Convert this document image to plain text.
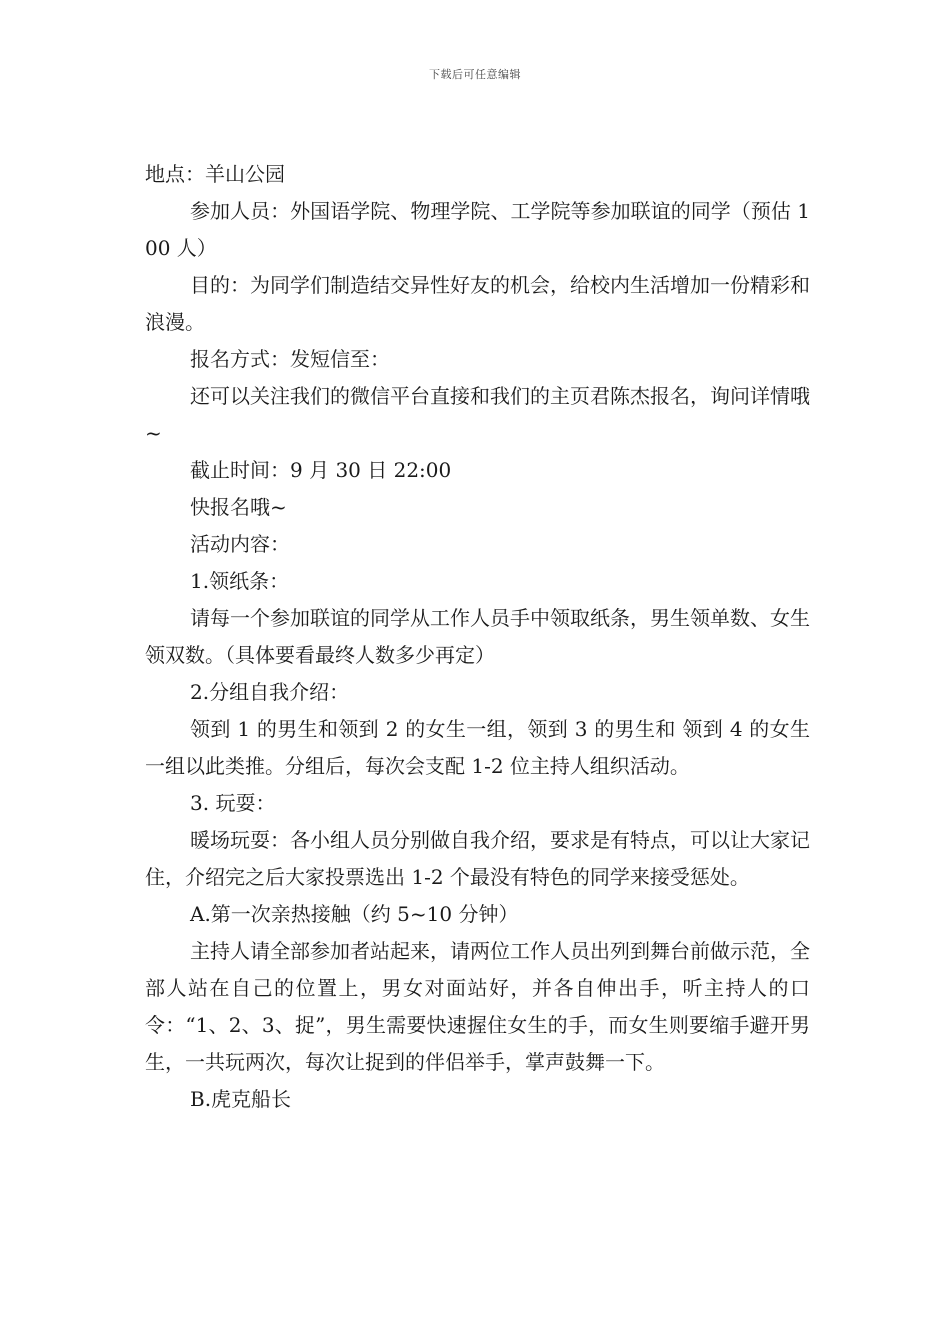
下载后可任意编辑

地点：羊山公园

参加人员：外国语学院、物理学院、工学院等参加联谊的同学（预估 100 人）

目的：为同学们制造结交异性好友的机会，给校内生活增加一份精彩和浪漫。

报名方式：发短信至：

还可以关注我们的微信平台直接和我们的主页君陈杰报名，询问详情哦~

截止时间：9 月 30 日 22:00

快报名哦~

活动内容：

1.领纸条：

请每一个参加联谊的同学从工作人员手中领取纸条，男生领单数、女生领双数。（具体要看最终人数多少再定）

2.分组自我介绍：

领到 1 的男生和领到 2 的女生一组，领到 3 的男生和 领到 4 的女生一组以此类推。分组后，每次会支配 1-2 位主持人组织活动。

3. 玩耍：

暖场玩耍：各小组人员分别做自我介绍，要求是有特点，可以让大家记住，介绍完之后大家投票选出 1-2 个最没有特色的同学来接受惩处。

A.第一次亲热接触（约 5~10 分钟）

主持人请全部参加者站起来，请两位工作人员出列到舞台前做示范，全部人站在自己的位置上，男女对面站好，并各自伸出手，听主持人的口令：“1、2、3、捉”，男生需要快速握住女生的手，而女生则要缩手避开男生，一共玩两次，每次让捉到的伴侣举手，掌声鼓舞一下。

B.虎克船长
